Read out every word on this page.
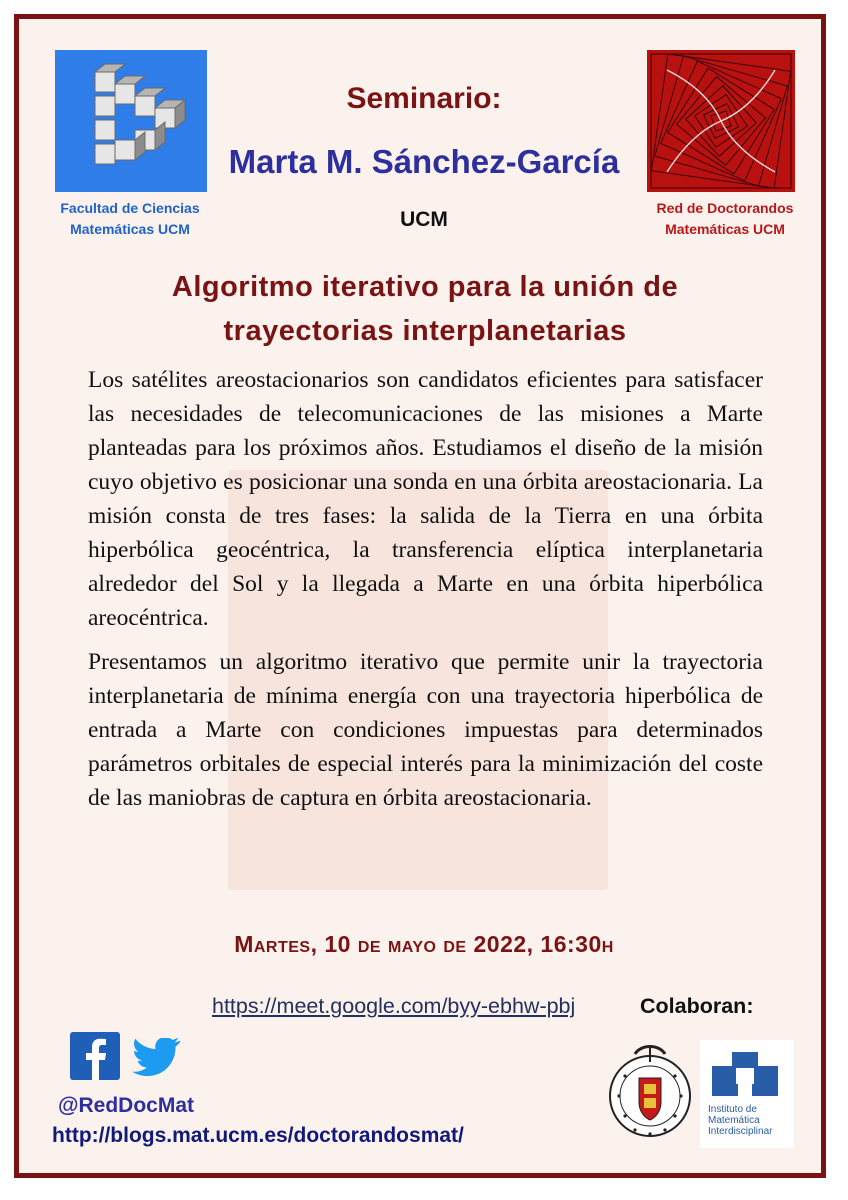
Facultad de Ciencias
Matemáticas UCM
Red de Doctorandos
Matemáticas UCM
Seminario:
Marta M. Sánchez-García
UCM
Algoritmo iterativo para la unión de
trayectorias interplanetarias

Los satélites areostacionarios son candidatos eficientes para satisfacer las necesidades de telecomunicaciones de las misiones a Marte planteadas para los próximos años. Estudiamos el diseño de la misión cuyo objetivo es posicionar una sonda en una órbita areostacionaria. La misión consta de tres fases: la salida de la Tierra en una órbita hiperbólica geocéntrica, la transferencia elíptica interplanetaria alrededor del Sol y la llegada a Marte en una órbita hiperbólica areocéntrica.

Presentamos un algoritmo iterativo que permite unir la trayectoria interplanetaria de mínima energía con una trayectoria hiperbólica de entrada a Marte con condiciones impuestas para determinados parámetros orbitales de especial interés para la minimización del coste de las maniobras de captura en órbita areostacionaria.

Martes, 10 de mayo de 2022, 16:30h
https://meet.google.com/byy-ebhw-pbj	Colaboran:
@RedDocMat
http://blogs.mat.ucm.es/doctorandosmat/
Instituto de
Matemática
Interdisciplinar
